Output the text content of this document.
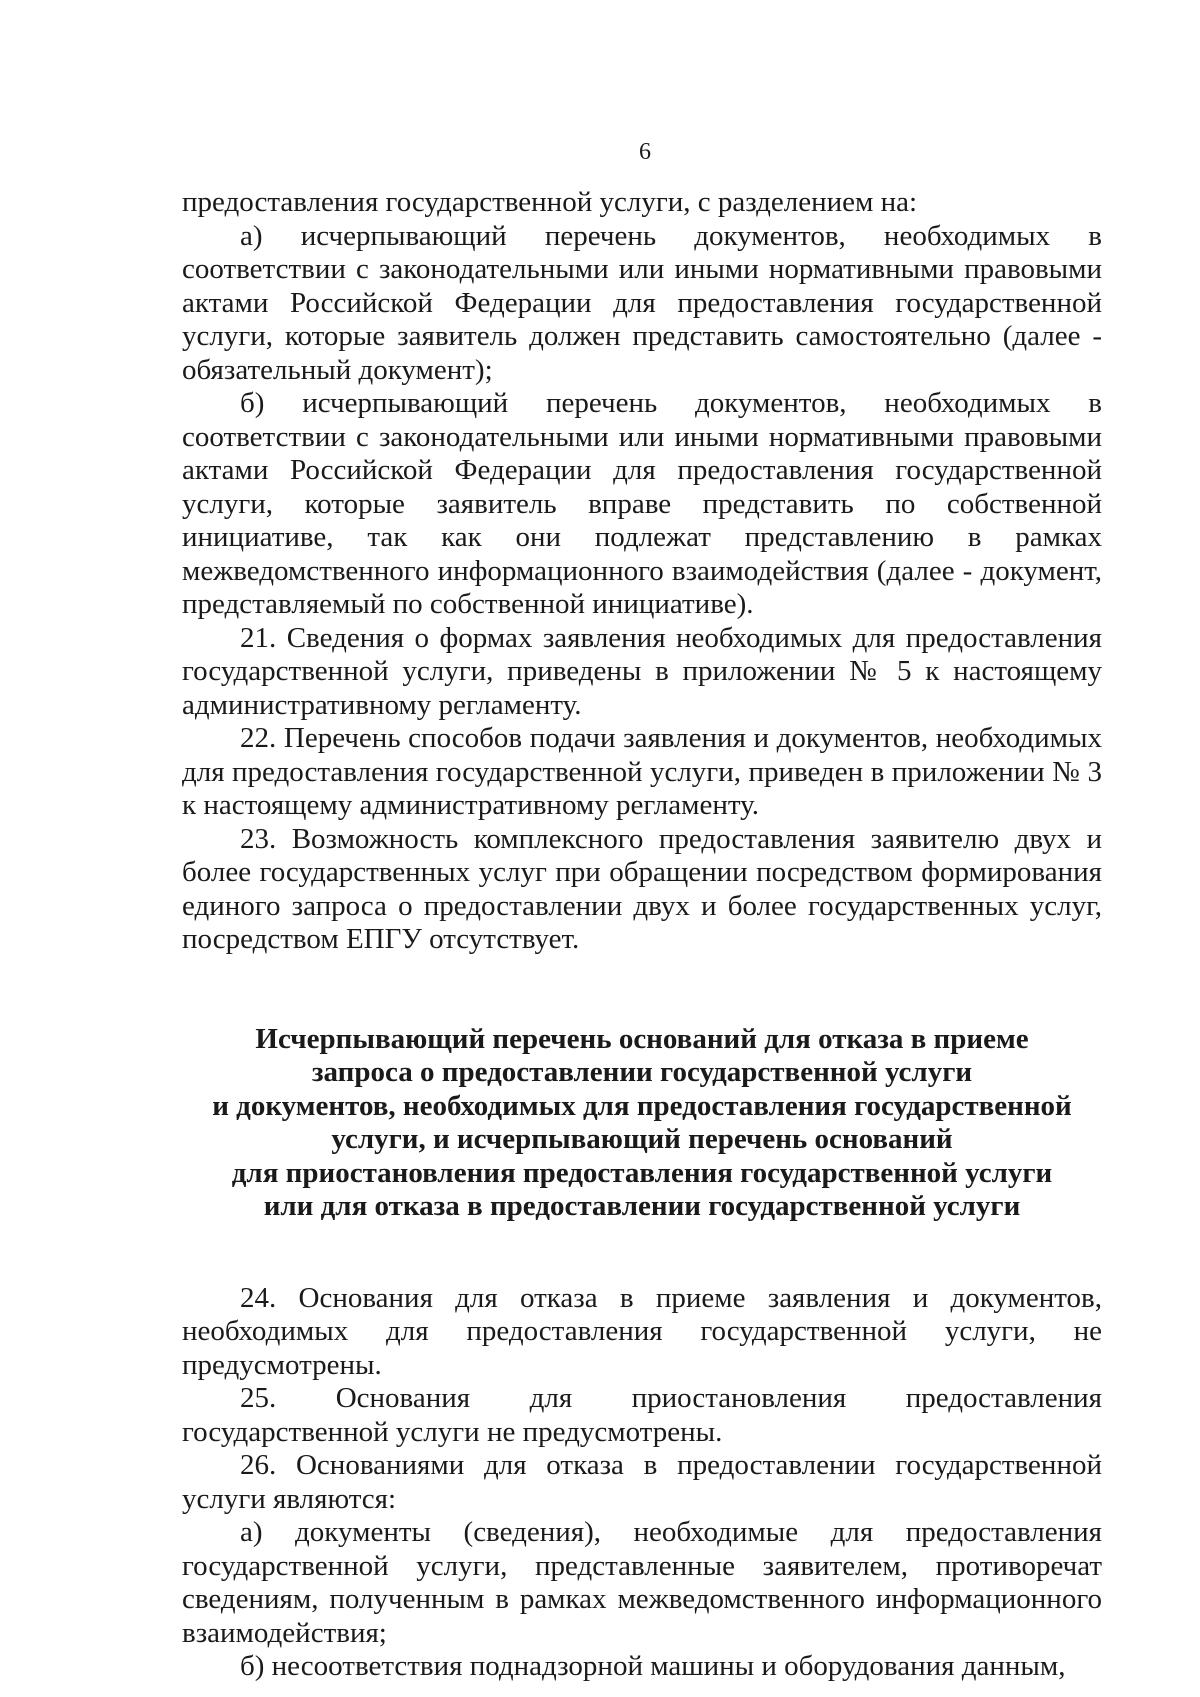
6

предоставления государственной услуги, с разделением на:

а) исчерпывающий перечень документов, необходимых в соответствии с законодательными или иными нормативными правовыми актами Российской Федерации для предоставления государственной услуги, которые заявитель должен представить самостоятельно (далее - обязательный документ);

б) исчерпывающий перечень документов, необходимых в соответствии с законодательными или иными нормативными правовыми актами Российской Федерации для предоставления государственной услуги, которые заявитель вправе представить по собственной инициативе, так как они подлежат представлению в рамках межведомственного информационного взаимодействия (далее - документ, представляемый по собственной инициативе).

21. Сведения о формах заявления необходимых для предоставления государственной услуги, приведены в приложении № 5 к настоящему административному регламенту.

22. Перечень способов подачи заявления и документов, необходимых для предоставления государственной услуги, приведен в приложении № 3 к настоящему административному регламенту.

23. Возможность комплексного предоставления заявителю двух и более государственных услуг при обращении посредством формирования единого запроса о предоставлении двух и более государственных услуг, посредством ЕПГУ отсутствует.

Исчерпывающий перечень оснований для отказа в приеме
запроса о предоставлении государственной услуги
и документов, необходимых для предоставления государственной
услуги, и исчерпывающий перечень оснований
для приостановления предоставления государственной услуги
или для отказа в предоставлении государственной услуги

24. Основания для отказа в приеме заявления и документов, необходимых для предоставления государственной услуги, не предусмотрены.

25. Основания для приостановления предоставления государственной услуги не предусмотрены.

26. Основаниями для отказа в предоставлении государственной услуги являются:

а) документы (сведения), необходимые для предоставления государственной услуги, представленные заявителем, противоречат сведениям, полученным в рамках межведомственного информационного взаимодействия;

б) несоответствия поднадзорной машины и оборудования данным,
